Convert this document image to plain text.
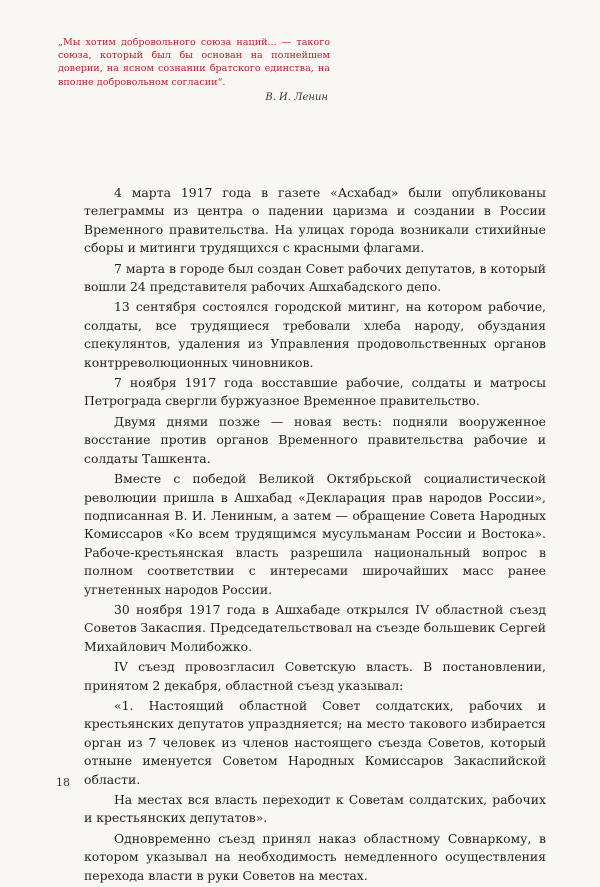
„Мы хотим добровольного союза наций... — такого союза, который был бы основан на полнейшем доверии, на ясном сознании братского единства, на вполне добровольном согласии“.

В. И. Ленин

4 марта 1917 года в газете «Асхабад» были опубликованы телеграммы из центра о падении царизма и создании в России Временного правительства. На улицах города возникали стихийные сборы и митинги трудящихся с красными флагами.

7 марта в городе был создан Совет рабочих депутатов, в который вошли 24 представителя рабочих Ашхабадского депо.

13 сентября состоялся городской митинг, на котором рабочие, солдаты, все трудящиеся требовали хлеба народу, обуздания спекулянтов, удаления из Управления продовольственных органов контрреволюционных чиновников.

7 ноября 1917 года восставшие рабочие, солдаты и матросы Петрограда свергли буржуазное Временное правительство.

Двумя днями позже — новая весть: подняли вооруженное восстание против органов Временного правительства рабочие и солдаты Ташкента.

Вместе с победой Великой Октябрьской социалистической революции пришла в Ашхабад «Декларация прав народов России», подписанная В. И. Лениным, а затем — обращение Совета Народных Комиссаров «Ко всем трудящимся мусульманам России и Востока». Рабоче-крестьянская власть разрешила национальный вопрос в полном соответствии с интересами широчайших масс ранее угнетенных народов России.

30 ноября 1917 года в Ашхабаде открылся IV областной съезд Советов Закаспия. Председательствовал на съезде большевик Сергей Михайлович Молибожко.

IV съезд провозгласил Советскую власть. В постановлении, принятом 2 декабря, областной съезд указывал:

«1. Настоящий областной Совет солдатских, рабочих и крестьянских депутатов упраздняется; на место такового избирается орган из 7 человек из членов настоящего съезда Советов, который отныне именуется Советом Народных Комиссаров Закаспийской области.

На местах вся власть переходит к Советам солдатских, рабочих и крестьянских депутатов».

Одновременно съезд принял наказ областному Совнаркому, в котором указывал на необходимость немедленного осуществления перехода власти в руки Советов на местах.

18
